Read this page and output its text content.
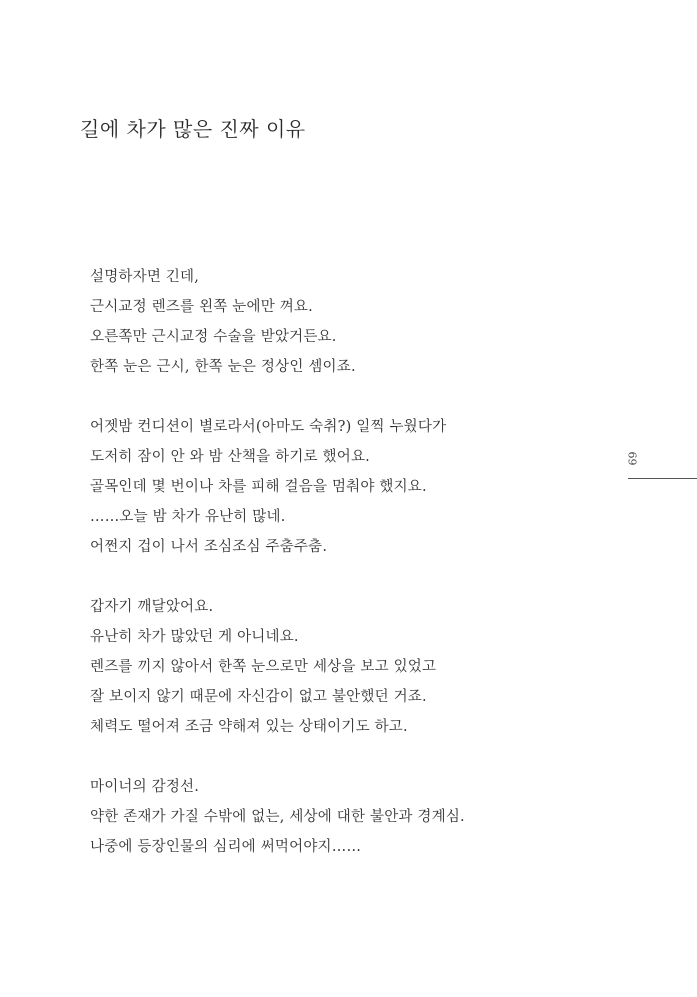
길에 차가 많은 진짜 이유
설명하자면 긴데,
근시교정 렌즈를 왼쪽 눈에만 껴요.
오른쪽만 근시교정 수술을 받았거든요.
한쪽 눈은 근시, 한쪽 눈은 정상인 셈이죠.
어젯밤 컨디션이 별로라서(아마도 숙취?) 일찍 누웠다가
도저히 잠이 안 와 밤 산책을 하기로 했어요.
골목인데 몇 번이나 차를 피해 걸음을 멈춰야 했지요.
……오늘 밤 차가 유난히 많네.
어쩐지 겁이 나서 조심조심 주춤주춤.
갑자기 깨달았어요.
유난히 차가 많았던 게 아니네요.
렌즈를 끼지 않아서 한쪽 눈으로만 세상을 보고 있었고
잘 보이지 않기 때문에 자신감이 없고 불안했던 거죠.
체력도 떨어져 조금 약해져 있는 상태이기도 하고.
마이너의 감정선.
약한 존재가 가질 수밖에 없는, 세상에 대한 불안과 경계심.
나중에 등장인물의 심리에 써먹어야지……
69
